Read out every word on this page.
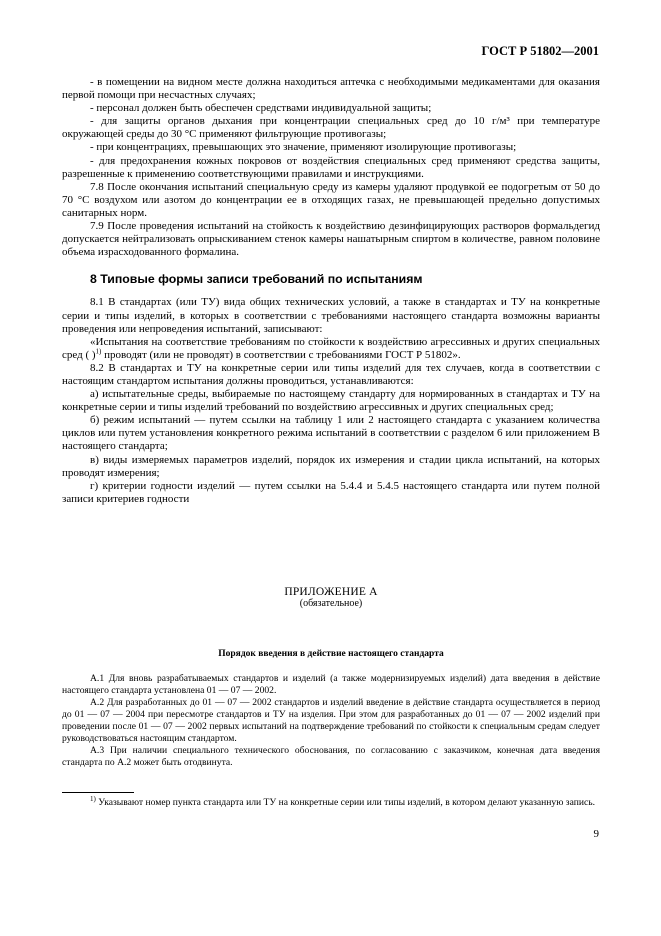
ГОСТ Р 51802—2001

- в помещении на видном месте должна находиться аптечка с необходимыми медикаментами для оказания первой помощи при несчастных случаях;

- персонал должен быть обеспечен средствами индивидуальной защиты;

- для защиты органов дыхания при концентрации специальных сред до 10 г/м³ при температуре окружающей среды до 30 °С применяют фильтрующие противогазы;

- при концентрациях, превышающих это значение, применяют изолирующие противогазы;

- для предохранения кожных покровов от воздействия специальных сред применяют средства защиты, разрешенные к применению соответствующими правилами и инструкциями.

7.8 После окончания испытаний специальную среду из камеры удаляют продувкой ее подогретым от 50 до 70 °С воздухом или азотом до концентрации ее в отходящих газах, не превышающей предельно допустимых санитарных норм.

7.9 После проведения испытаний на стойкость к воздействию дезинфицирующих растворов формальдегид допускается нейтрализовать опрыскиванием стенок камеры нашатырным спиртом в количестве, равном половине объема израсходованного формалина.

8 Типовые формы записи требований по испытаниям

8.1 В стандартах (или ТУ) вида общих технических условий, а также в стандартах и ТУ на конкретные серии и типы изделий, в которых в соответствии с требованиями настоящего стандарта возможны варианты проведения или непроведения испытаний, записывают:

«Испытания на соответствие требованиям по стойкости к воздействию агрессивных и других специальных сред ( )$^{1)}$ проводят (или не проводят) в соответствии с требованиями ГОСТ Р 51802».

8.2 В стандартах и ТУ на конкретные серии или типы изделий для тех случаев, когда в соответствии с настоящим стандартом испытания должны проводиться, устанавливаются:

а) испытательные среды, выбираемые по настоящему стандарту для нормированных в стандартах и ТУ на конкретные серии и типы изделий требований по воздействию агрессивных и других специальных сред;

б) режим испытаний — путем ссылки на таблицу 1 или 2 настоящего стандарта с указанием количества циклов или путем установления конкретного режима испытаний в соответствии с разделом 6 или приложением В настоящего стандарта;

в) виды измеряемых параметров изделий, порядок их измерения и стадии цикла испытаний, на которых проводят измерения;

г) критерии годности изделий — путем ссылки на 5.4.4 и 5.4.5 настоящего стандарта или путем полной записи критериев годности

ПРИЛОЖЕНИЕ А
(обязательное)
Порядок введения в действие настоящего стандарта

А.1 Для вновь разрабатываемых стандартов и изделий (а также модернизируемых изделий) дата введения в действие настоящего стандарта установлена 01 — 07 — 2002.

А.2 Для разработанных до 01 — 07 — 2002 стандартов и изделий введение в действие стандарта осуществляется в период до 01 — 07 — 2004 при пересмотре стандартов и ТУ на изделия. При этом для разработанных до 01 — 07 — 2002 изделий при проведении после 01 — 07 — 2002 первых испытаний на подтверждение требований по стойкости к специальным средам следует руководствоваться настоящим стандартом.

А.3 При наличии специального технического обоснования, по согласованию с заказчиком, конечная дата введения стандарта по А.2 может быть отодвинута.

$^{1)}$ Указывают номер пункта стандарта или ТУ на конкретные серии или типы изделий, в котором делают указанную запись.
9
